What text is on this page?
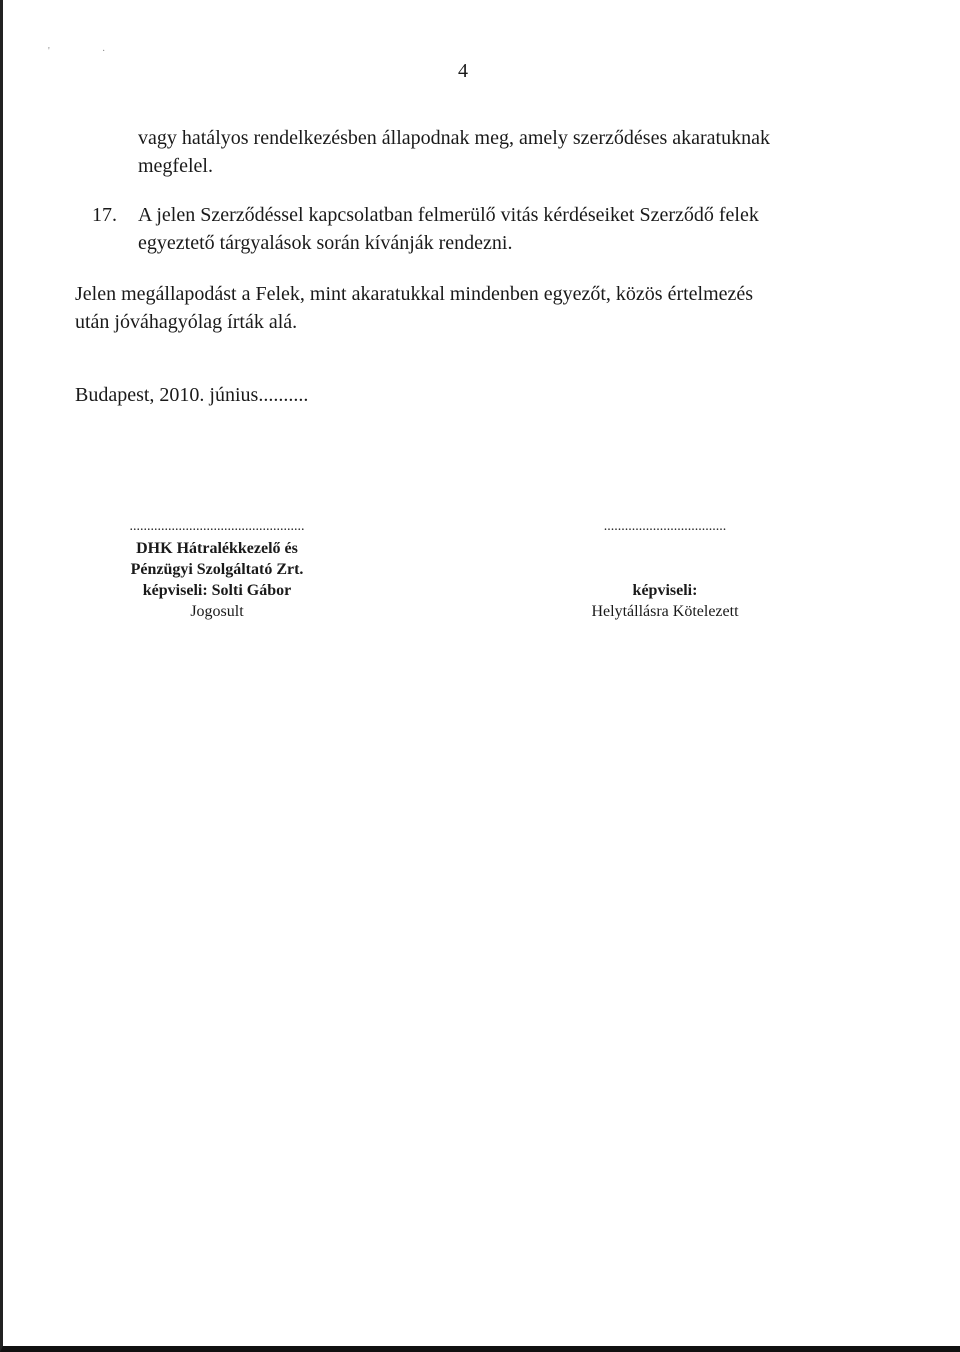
'	·
4
vagy hatályos rendelkezésben állapodnak meg, amely szerződéses akaratuknak
megfelel.
17. A jelen Szerződéssel kapcsolatban felmerülő vitás kérdéseiket Szerződő felek
egyeztető tárgyalások során kívánják rendezni.
Jelen megállapodást a Felek, mint akaratukkal mindenben egyezőt, közös értelmezés
után jóváhagyólag írták alá.
Budapest, 2010. június..........
..................................................
DHK Hátralékkezelő és
Pénzügyi Szolgáltató Zrt.
képviseli: Solti Gábor
Jogosult
...................................
képviseli:
Helytállásra Kötelezett
